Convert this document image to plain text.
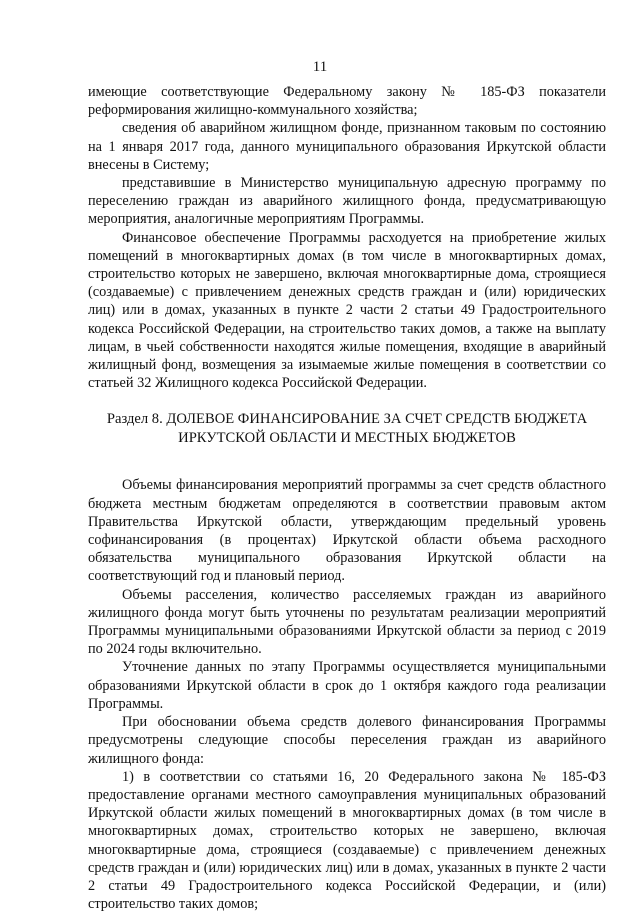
11

имеющие соответствующие Федеральному закону № 185-ФЗ показатели реформирования жилищно-коммунального хозяйства;

сведения об аварийном жилищном фонде, признанном таковым по состоянию на 1 января 2017 года, данного муниципального образования Иркутской области внесены в Систему;

представившие в Министерство муниципальную адресную программу по переселению граждан из аварийного жилищного фонда, предусматривающую мероприятия, аналогичные мероприятиям Программы.

Финансовое обеспечение Программы расходуется на приобретение жилых помещений в многоквартирных домах (в том числе в многоквартирных домах, строительство которых не завершено, включая многоквартирные дома, строящиеся (создаваемые) с привлечением денежных средств граждан и (или) юридических лиц) или в домах, указанных в пункте 2 части 2 статьи 49 Градостроительного кодекса Российской Федерации, на строительство таких домов, а также на выплату лицам, в чьей собственности находятся жилые помещения, входящие в аварийный жилищный фонд, возмещения за изымаемые жилые помещения в соответствии со статьей 32 Жилищного кодекса Российской Федерации.

Раздел 8. ДОЛЕВОЕ ФИНАНСИРОВАНИЕ ЗА СЧЕТ СРЕДСТВ БЮДЖЕТА
ИРКУТСКОЙ ОБЛАСТИ И МЕСТНЫХ БЮДЖЕТОВ

Объемы финансирования мероприятий программы за счет средств областного бюджета местным бюджетам определяются в соответствии правовым актом Правительства Иркутской области, утверждающим предельный уровень софинансирования (в процентах) Иркутской области объема расходного обязательства муниципального образования Иркутской области на соответствующий год и плановый период.

Объемы расселения, количество расселяемых граждан из аварийного жилищного фонда могут быть уточнены по результатам реализации мероприятий Программы муниципальными образованиями Иркутской области за период с 2019 по 2024 годы включительно.

Уточнение данных по этапу Программы осуществляется муниципальными образованиями Иркутской области в срок до 1 октября каждого года реализации Программы.

При обосновании объема средств долевого финансирования Программы предусмотрены следующие способы переселения граждан из аварийного жилищного фонда:

1) в соответствии со статьями 16, 20 Федерального закона № 185-ФЗ предоставление органами местного самоуправления муниципальных образований Иркутской области жилых помещений в многоквартирных домах (в том числе в многоквартирных домах, строительство которых не завершено, включая многоквартирные дома, строящиеся (создаваемые) с привлечением денежных средств граждан и (или) юридических лиц) или в домах, указанных в пункте 2 части 2 статьи 49 Градостроительного кодекса Российской Федерации, и (или) строительство таких домов;
